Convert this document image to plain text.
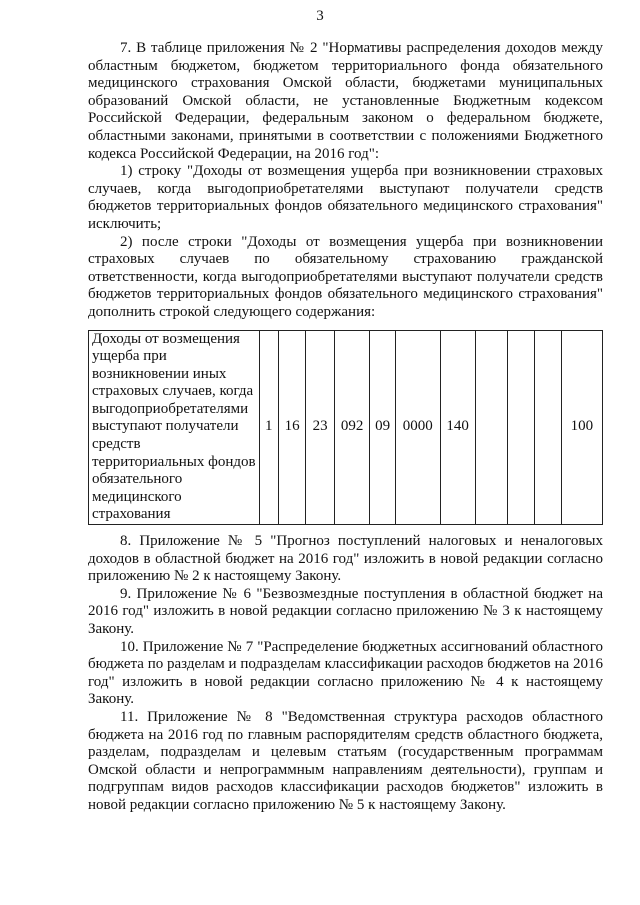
3

7. В таблице приложения № 2 "Нормативы распределения доходов между областным бюджетом, бюджетом территориального фонда обязательного медицинского страхования Омской области, бюджетами муниципальных образований Омской области, не установленные Бюджетным кодексом Российской Федерации, федеральным законом о федеральном бюджете, областными законами, принятыми в соответствии с положениями Бюджетного кодекса Российской Федерации, на 2016 год":

1) строку "Доходы от возмещения ущерба при возникновении страховых случаев, когда выгодоприобретателями выступают получатели средств бюджетов территориальных фондов обязательного медицинского страхования" исключить;

2) после строки "Доходы от возмещения ущерба при возникновении страховых случаев по обязательному страхованию гражданской ответственности, когда выгодоприобретателями выступают получатели средств бюджетов территориальных фондов обязательного медицинского страхования" дополнить строкой следующего содержания:

Доходы от возмещения ущерба при возникновении иных страховых случаев, когда выгодоприобретателями выступают получатели средств территориальных фондов обязательного медицинского страхования	1	16	23	092	09	0000	140				100

8. Приложение № 5 "Прогноз поступлений налоговых и неналоговых доходов в областной бюджет на 2016 год" изложить в новой редакции согласно приложению № 2 к настоящему Закону.

9. Приложение № 6 "Безвозмездные поступления в областной бюджет на 2016 год" изложить в новой редакции согласно приложению № 3 к настоящему Закону.

10. Приложение № 7 "Распределение бюджетных ассигнований областного бюджета по разделам и подразделам классификации расходов бюджетов на 2016 год" изложить в новой редакции согласно приложению № 4 к настоящему Закону.

11. Приложение № 8 "Ведомственная структура расходов областного бюджета на 2016 год по главным распорядителям средств областного бюджета, разделам, подразделам и целевым статьям (государственным программам Омской области и непрограммным направлениям деятельности), группам и подгруппам видов расходов классификации расходов бюджетов" изложить в новой редакции согласно приложению № 5 к настоящему Закону.
